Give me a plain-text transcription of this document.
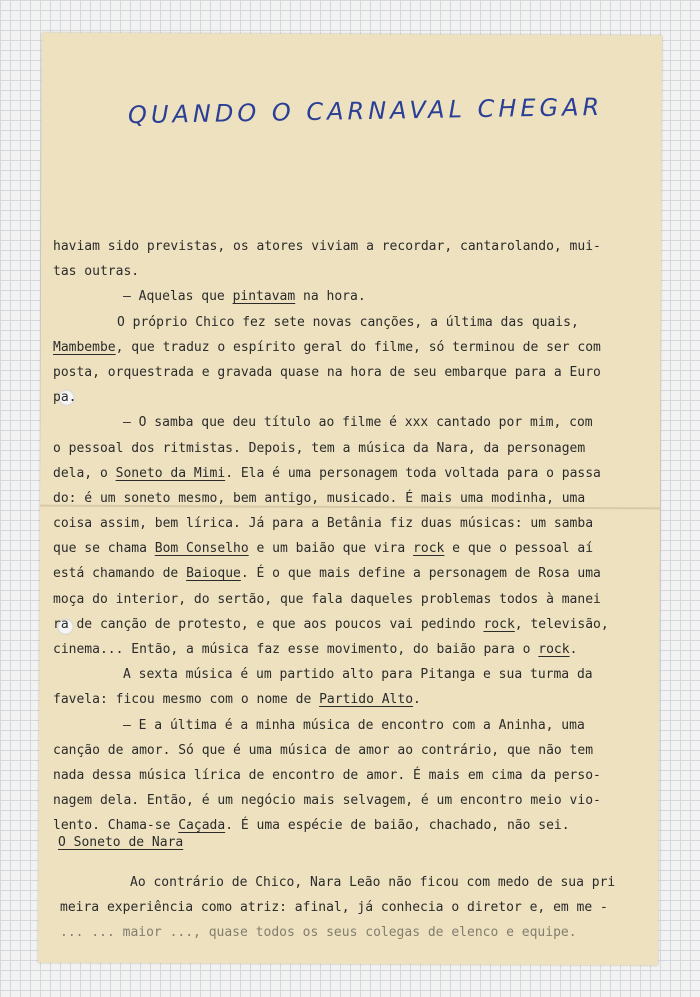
QUANDO O CARNAVAL CHEGAR
haviam sido previstas, os atores viviam a recordar, cantarolando, mui-
tas outras.
— Aquelas que pintavam na hora.
O próprio Chico fez sete novas canções, a última das quais,
Mambembe, que traduz o espírito geral do filme, só terminou de ser com
posta, orquestrada e gravada quase na hora de seu embarque para a Euro
pa.
— O samba que deu título ao filme é xxx cantado por mim, com
o pessoal dos ritmistas. Depois, tem a música da Nara, da personagem
dela, o Soneto da Mimi. Ela é uma personagem toda voltada para o passa
do: é um soneto mesmo, bem antigo, musicado. É mais uma modinha, uma
coisa assim, bem lírica. Já para a Betânia fiz duas músicas: um samba
que se chama Bom Conselho e um baião que vira rock e que o pessoal aí
está chamando de Baioque. É o que mais define a personagem de Rosa uma
moça do interior, do sertão, que fala daqueles problemas todos à manei
ra de canção de protesto, e que aos poucos vai pedindo rock, televisão,
cinema... Então, a música faz esse movimento, do baião para o rock.
A sexta música é um partido alto para Pitanga e sua turma da
favela: ficou mesmo com o nome de Partido Alto.
— E a última é a minha música de encontro com a Aninha, uma
canção de amor. Só que é uma música de amor ao contrário, que não tem
nada dessa música lírica de encontro de amor. É mais em cima da perso-
nagem dela. Então, é um negócio mais selvagem, é um encontro meio vio-
lento. Chama-se Caçada. É uma espécie de baião, chachado, não sei.
O Soneto de Nara
Ao contrário de Chico, Nara Leão não ficou com medo de sua pri
meira experiência como atriz: afinal, já conhecia o diretor e, em me -
